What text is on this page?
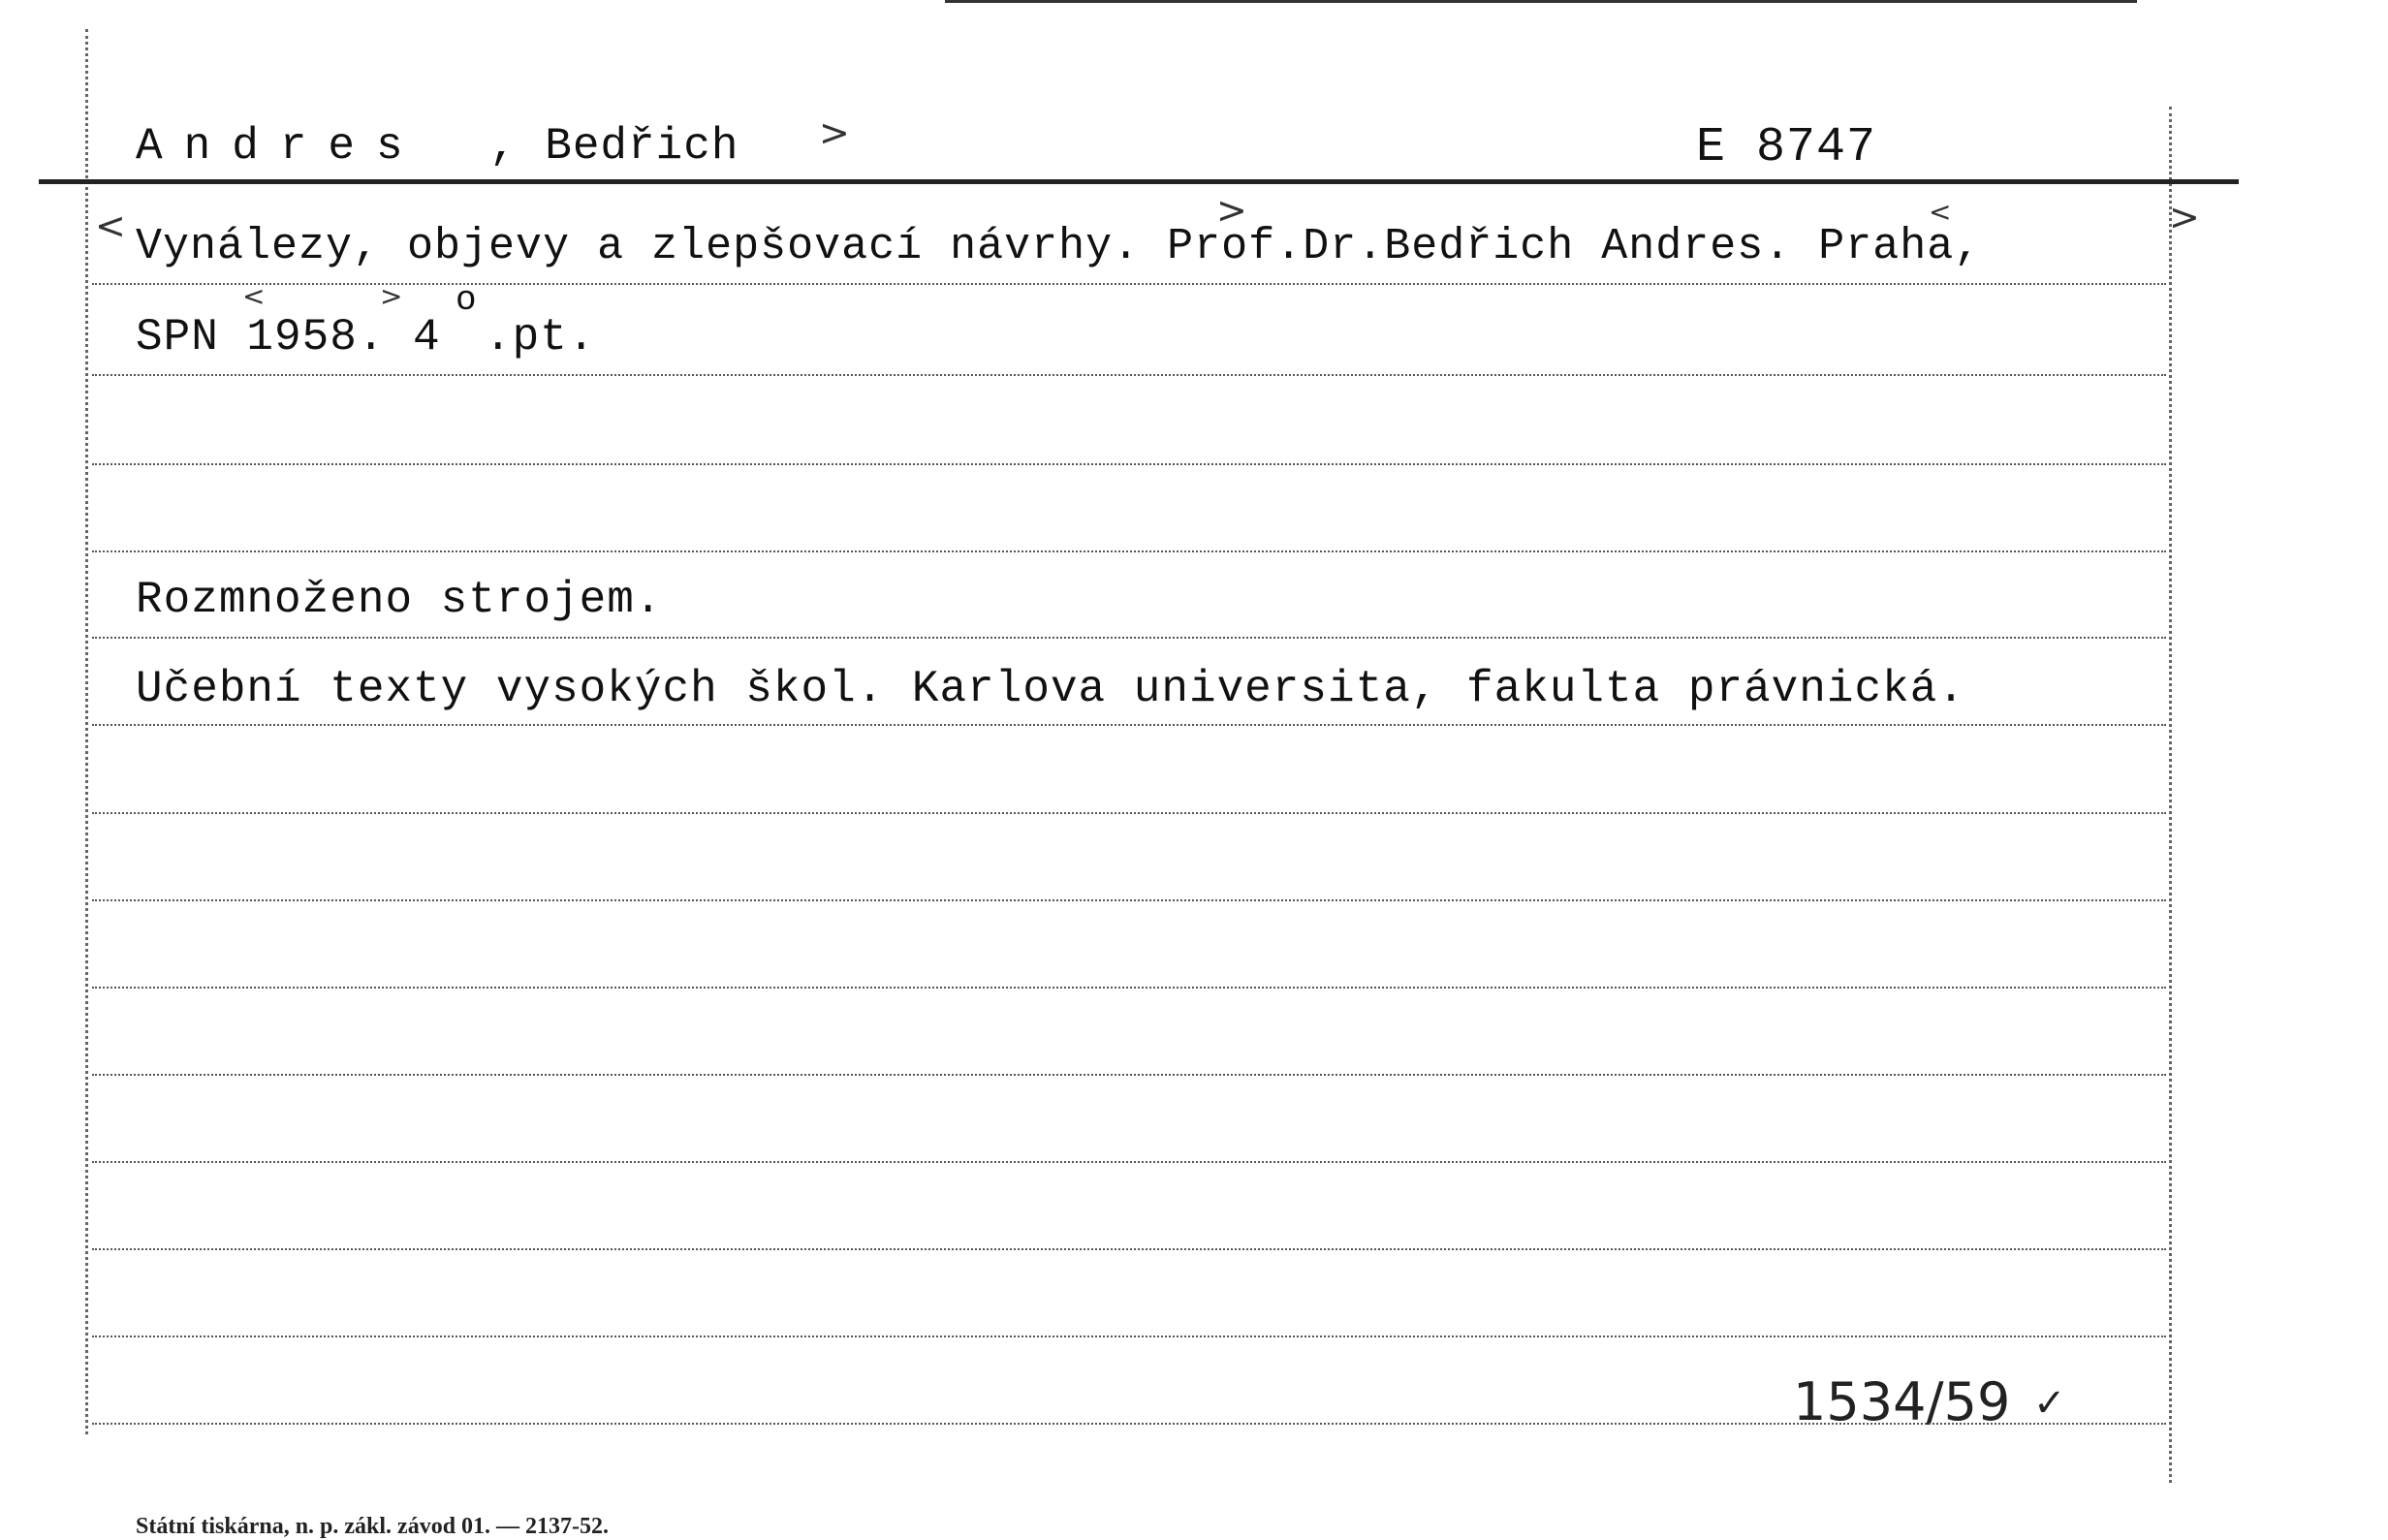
Andres , Bedřich >	E 8747
< Vynálezy, objevy a zlepšovací návrhy. Prof.Dr.Bedřich Andres. Praha,
>	<	>
SPN 1958. 4
o
.pt.
<	>
Rozmnoženo strojem.
Učební texty vysokých škol. Karlova universita, fakulta právnická.
1534/59 ✓
Státní tiskárna, n. p. zákl. závod 01. — 2137-52.
